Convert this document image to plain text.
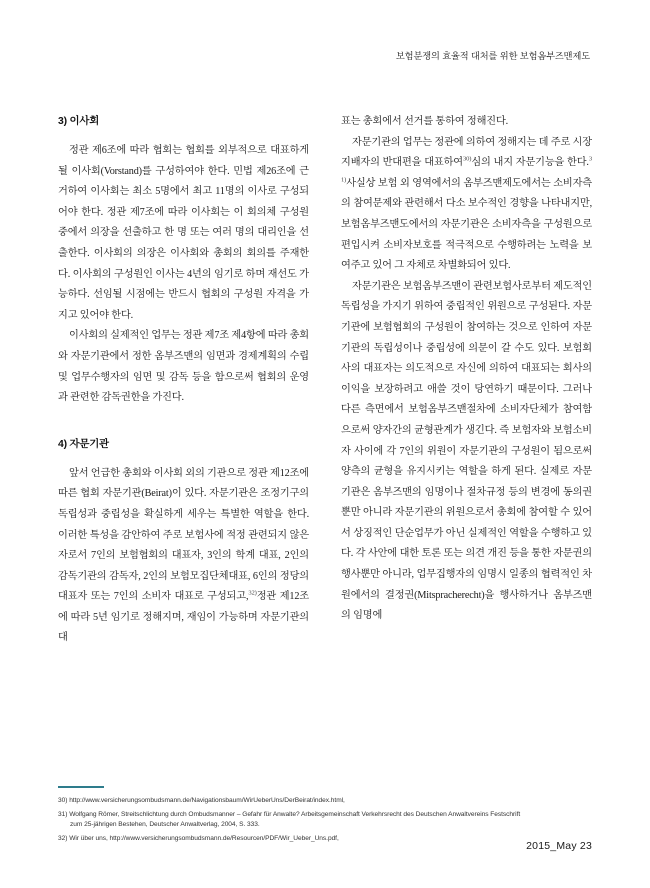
보험분쟁의 효율적 대처를 위한 보험옴부즈맨제도
3) 이사회

정관 제6조에 따라 협회는 협회를 외부적으로 대표하게 될 이사회(Vorstand)를 구성하여야 한다. 민법 제26조에 근거하여 이사회는 최소 5명에서 최고 11명의 이사로 구성되어야 한다. 정관 제7조에 따라 이사회는 이 회의체 구성원 중에서 의장을 선출하고 한 명 또는 여러 명의 대리인을 선출한다. 이사회의 의장은 이사회와 총회의 회의를 주재한다. 이사회의 구성원인 이사는 4년의 임기로 하며 재선도 가능하다. 선임될 시점에는 반드시 협회의 구성원 자격을 가지고 있어야 한다.

이사회의 실제적인 업무는 정관 제7조 제4항에 따라 총회와 자문기관에서 정한 옴부즈맨의 임면과 경제계획의 수립 및 업무수행자의 임면 및 감독 등을 함으로써 협회의 운영과 관련한 감독권한을 가진다.

4) 자문기관

앞서 언급한 총회와 이사회 외의 기관으로 정관 제12조에 따른 협회 자문기관(Beirat)이 있다. 자문기관은 조정기구의 독립성과 중립성을 확실하게 세우는 특별한 역할을 한다. 이러한 특성을 감안하여 주로 보험사에 적정 관련되지 않은 자로서 7인의 보험협회의 대표자, 3인의 학계 대표, 2인의 감독기관의 감독자, 2인의 보험모집단체대표, 6인의 정당의 대표자 또는 7인의 소비자 대표로 구성되고,$^{32)}$정관 제12조에 따라 5년 임기로 정해지며, 재임이 가능하며 자문기관의 대

표는 총회에서 선거를 통하여 정해진다.

자문기관의 업무는 정관에 의하여 정해지는 데 주로 시장지배자의 반대편을 대표하여$^{30)}$심의 내지 자문기능을 한다.$^{31)}$사실상 보험 외 영역에서의 옴부즈맨제도에서는 소비자측의 참여문제와 관련해서 다소 보수적인 경향을 나타내지만, 보험옴부즈맨도에서의 자문기관은 소비자측을 구성원으로 편입시켜 소비자보호를 적극적으로 수행하려는 노력을 보여주고 있어 그 자체로 차별화되어 있다.

자문기관은 보험옴부즈맨이 관련보험사로부터 제도적인 독립성을 가지기 위하여 중립적인 위원으로 구성된다. 자문기관에 보험협회의 구성원이 참여하는 것으로 인하여 자문기관의 독립성이나 중립성에 의문이 갈 수도 있다. 보험회사의 대표자는 의도적으로 자신에 의하여 대표되는 회사의 이익을 보장하려고 애쓸 것이 당연하기 때문이다. 그러나 다른 측면에서 보험옴부즈맨절차에 소비자단체가 참여함으로써 양자간의 균형관계가 생긴다. 즉 보험자와 보험소비자 사이에 각 7인의 위원이 자문기관의 구성원이 됨으로써 양측의 균형을 유지시키는 역할을 하게 된다. 실제로 자문기관은 옴부즈맨의 임명이나 절차규정 등의 변경에 동의권뿐만 아니라 자문기관의 위원으로서 총회에 참여할 수 있어서 상징적인 단순업무가 아닌 실제적인 역할을 수행하고 있다. 각 사안에 대한 토론 또는 의견 개진 등을 통한 자문권의 행사뿐만 아니라, 업무집행자의 임명시 일종의 협력적인 차원에서의 결정권(Mitspracherecht)을 행사하거나 옴부즈맨의 임명에

30) http://www.versicherungsombudsmann.de/Navigationsbaum/WirUeberUns/DerBeirat/index.html,
31) Wolfgang Römer, Streitschlichtung durch Ombudsmanner – Gefahr für Anwalte? Arbeitsgemeinschaft Verkehrsrecht des Deutschen Anwaltvereins Festschrift
zum 25-jährigen Bestehen, Deutscher Anwaltverlag, 2004, S. 333.
32) Wir über uns, http://www.versicherungsombudsmann.de/Resourcen/PDF/Wir_Ueber_Uns.pdf,
2015_May 23
